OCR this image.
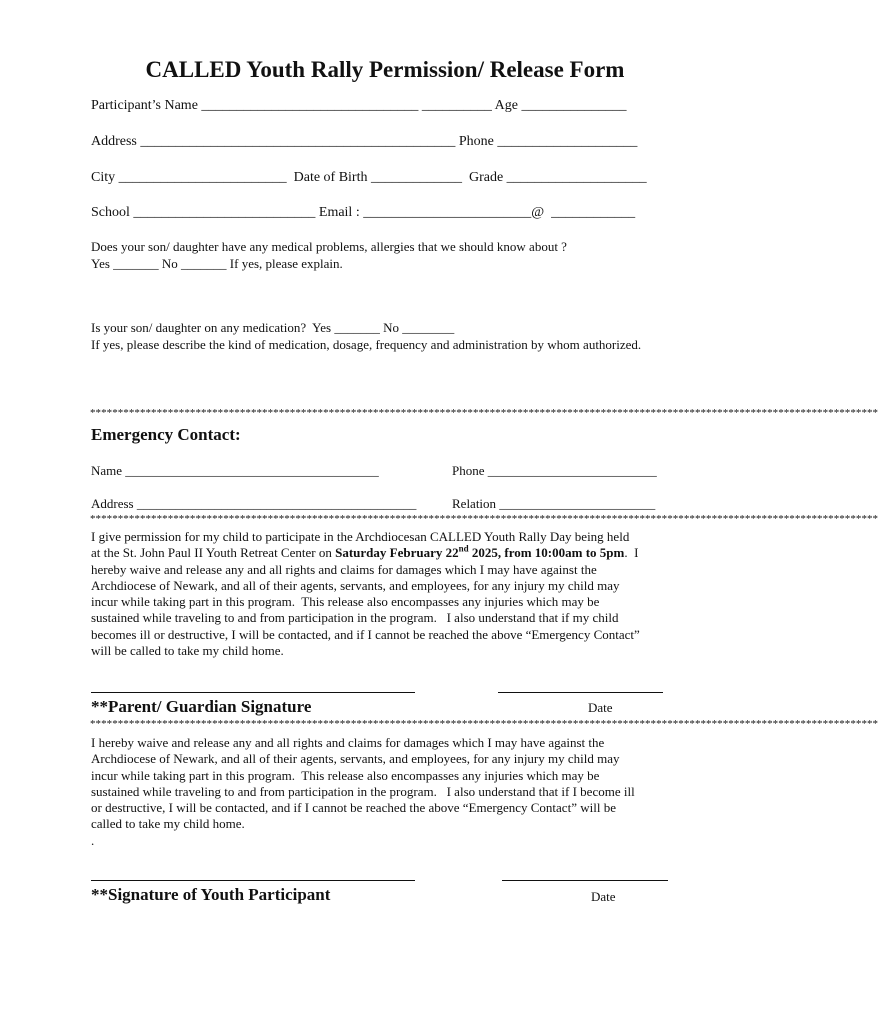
CALLED Youth Rally Permission/ Release Form
Participant’s Name _______________________________ __________ Age _______________
Address _____________________________________________ Phone ____________________
City ________________________  Date of Birth _____________  Grade ____________________
School __________________________ Email : ________________________@  ____________
Does your son/ daughter have any medical problems, allergies that we should know about ?
Yes _______ No _______ If yes, please explain.
Is your son/ daughter on any medication?  Yes _______ No ________
If yes, please describe the kind of medication, dosage, frequency and administration by whom authorized.
**********************************************************************************************************************************************
Emergency Contact:
Name _______________________________________	Phone __________________________
Address ___________________________________________	Relation ________________________
**********************************************************************************************************************************************
I give permission for my child to participate in the Archdiocesan CALLED Youth Rally Day being held
at the St. John Paul II Youth Retreat Center on Saturday February 22nd 2025, from 10:00am to 5pm.  I
hereby waive and release any and all rights and claims for damages which I may have against the
Archdiocese of Newark, and all of their agents, servants, and employees, for any injury my child may
incur while taking part in this program.  This release also encompasses any injuries which may be
sustained while traveling to and from participation in the program.   I also understand that if my child
becomes ill or destructive, I will be contacted, and if I cannot be reached the above “Emergency Contact”
will be called to take my child home.
**Parent/ Guardian Signature	Date
**********************************************************************************************************************************************
I hereby waive and release any and all rights and claims for damages which I may have against the
Archdiocese of Newark, and all of their agents, servants, and employees, for any injury my child may
incur while taking part in this program.  This release also encompasses any injuries which may be
sustained while traveling to and from participation in the program.   I also understand that if I become ill
or destructive, I will be contacted, and if I cannot be reached the above “Emergency Contact” will be
called to take my child home.
.
**Signature of Youth Participant	Date
